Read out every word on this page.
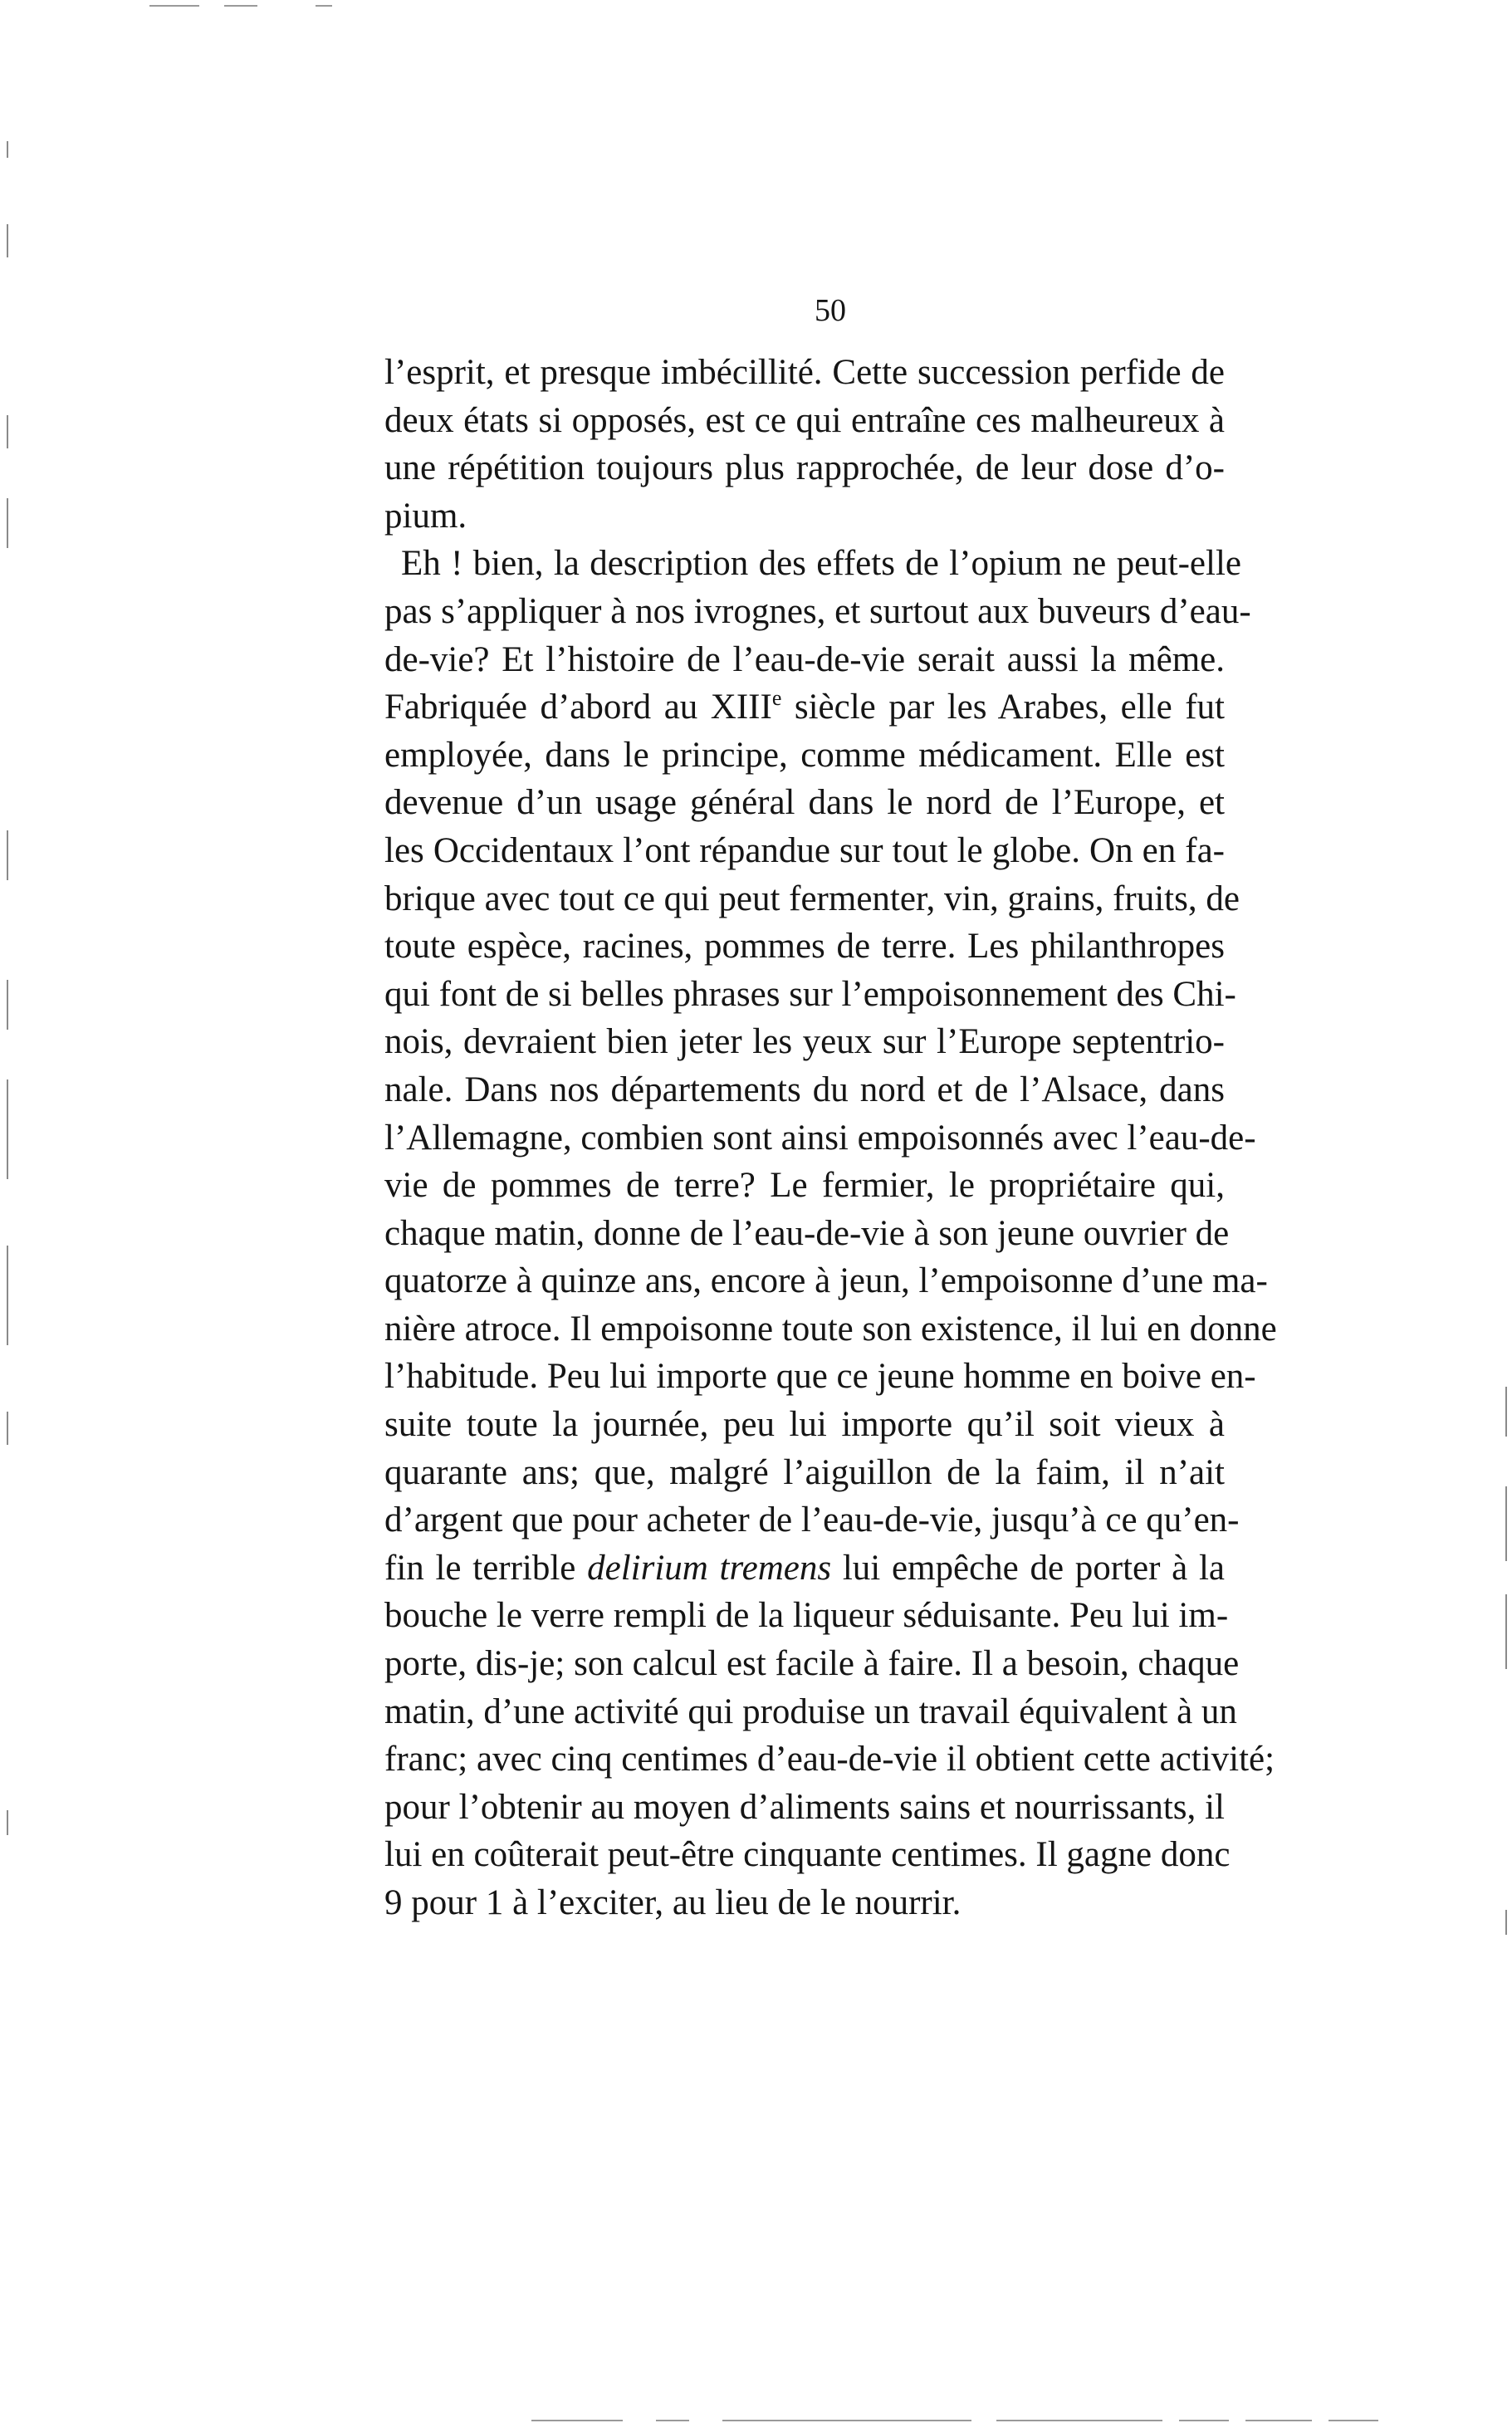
50
l’esprit, et presque imbécillité. Cette succession perfide de
deux états si opposés, est ce qui entraîne ces malheureux à
une répétition toujours plus rapprochée, de leur dose d’o-
pium.
Eh ! bien, la description des effets de l’opium ne peut-elle
pas s’appliquer à nos ivrognes, et surtout aux buveurs d’eau-
de-vie? Et l’histoire de l’eau-de-vie serait aussi la même.
Fabriquée d’abord au XIIIe siècle par les Arabes, elle fut
employée, dans le principe, comme médicament. Elle est
devenue d’un usage général dans le nord de l’Europe, et
les Occidentaux l’ont répandue sur tout le globe. On en fa-
brique avec tout ce qui peut fermenter, vin, grains, fruits, de
toute espèce, racines, pommes de terre. Les philanthropes
qui font de si belles phrases sur l’empoisonnement des Chi-
nois, devraient bien jeter les yeux sur l’Europe septentrio-
nale. Dans nos départements du nord et de l’Alsace, dans
l’Allemagne, combien sont ainsi empoisonnés avec l’eau-de-
vie de pommes de terre? Le fermier, le propriétaire qui,
chaque matin, donne de l’eau-de-vie à son jeune ouvrier de
quatorze à quinze ans, encore à jeun, l’empoisonne d’une ma-
nière atroce. Il empoisonne toute son existence, il lui en donne
l’habitude. Peu lui importe que ce jeune homme en boive en-
suite toute la journée, peu lui importe qu’il soit vieux à
quarante ans; que, malgré l’aiguillon de la faim, il n’ait
d’argent que pour acheter de l’eau-de-vie, jusqu’à ce qu’en-
fin le terrible delirium tremens lui empêche de porter à la
bouche le verre rempli de la liqueur séduisante. Peu lui im-
porte, dis-je; son calcul est facile à faire. Il a besoin, chaque
matin, d’une activité qui produise un travail équivalent à un
franc; avec cinq centimes d’eau-de-vie il obtient cette activité;
pour l’obtenir au moyen d’aliments sains et nourrissants, il
lui en coûterait peut-être cinquante centimes. Il gagne donc
9 pour 1 à l’exciter, au lieu de le nourrir.
